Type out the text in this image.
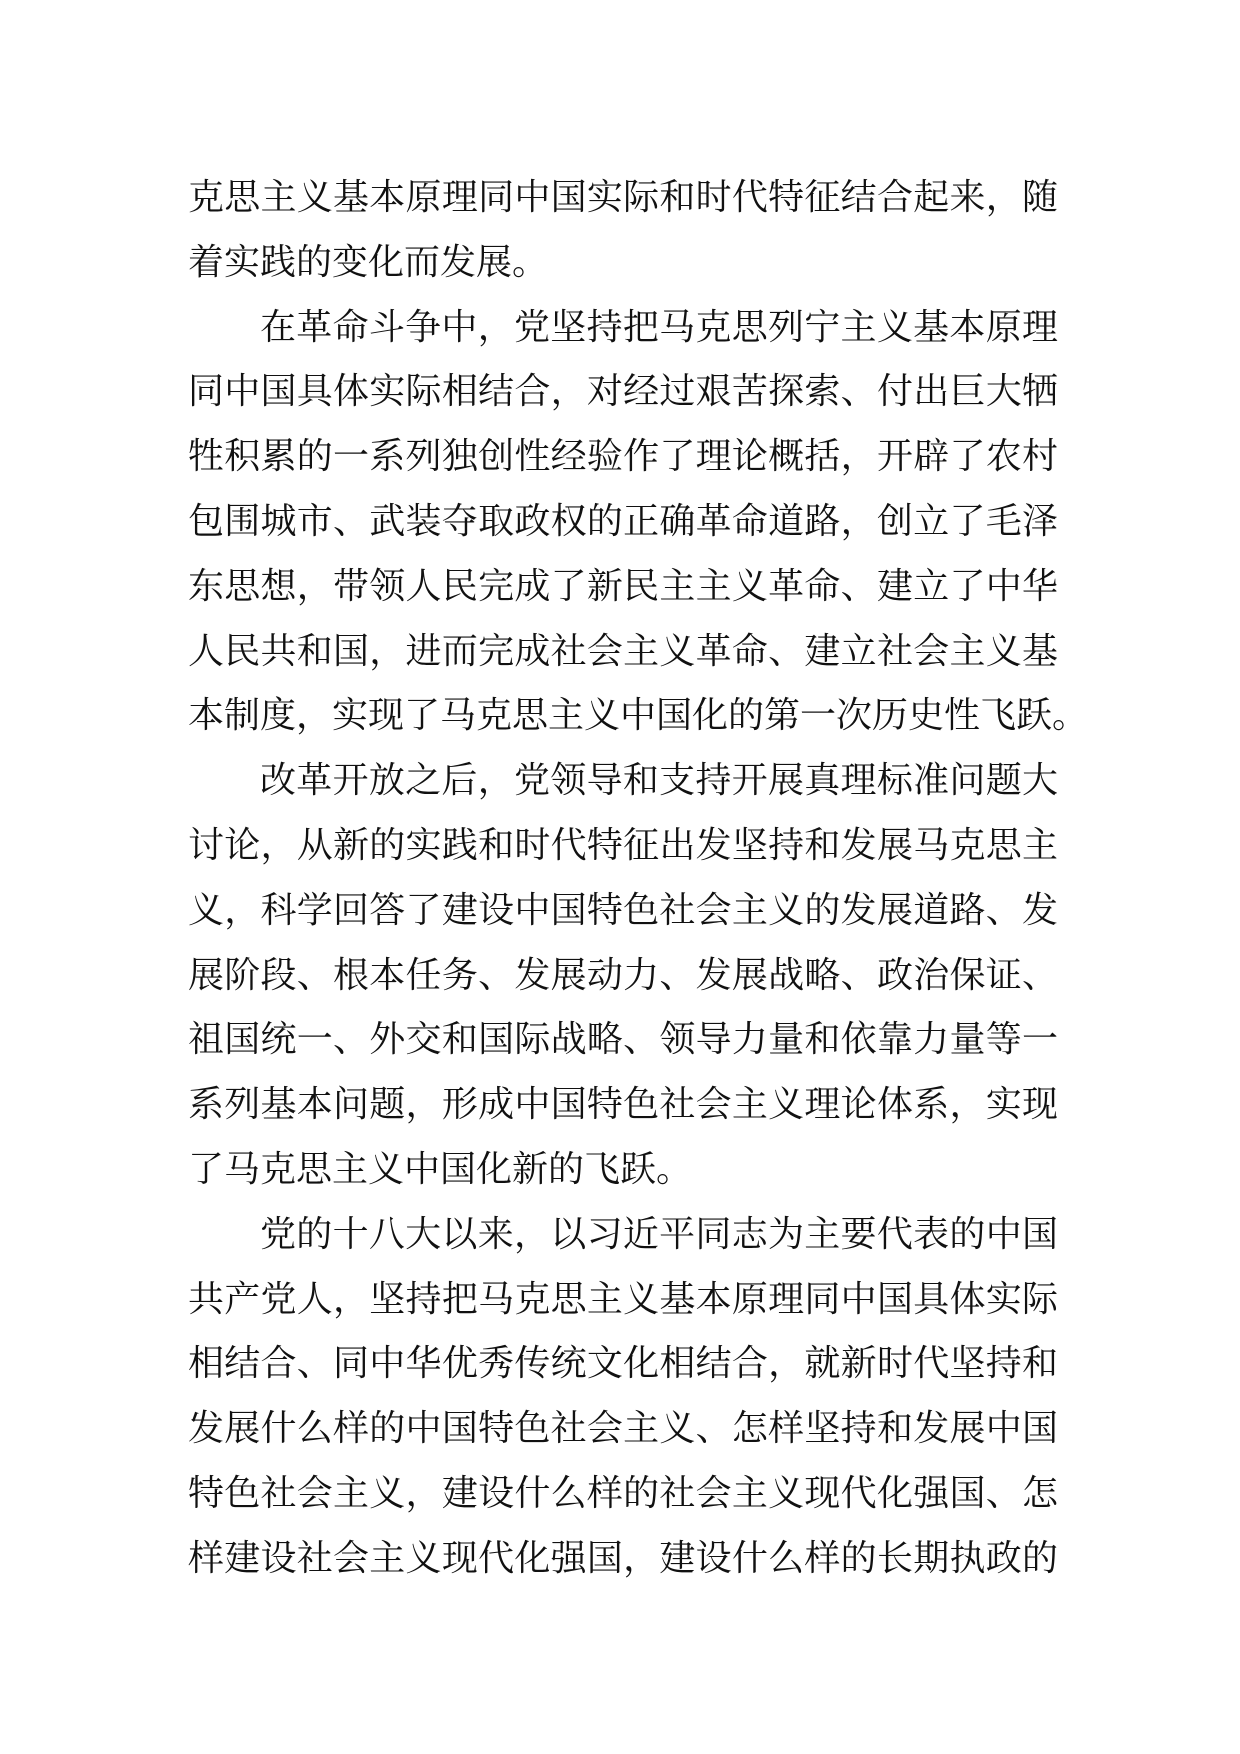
克思主义基本原理同中国实际和时代特征结合起来，随
着实践的变化而发展。
在革命斗争中，党坚持把马克思列宁主义基本原理
同中国具体实际相结合，对经过艰苦探索、付出巨大牺
牲积累的一系列独创性经验作了理论概括，开辟了农村
包围城市、武装夺取政权的正确革命道路，创立了毛泽
东思想，带领人民完成了新民主主义革命、建立了中华
人民共和国，进而完成社会主义革命、建立社会主义基
本制度，实现了马克思主义中国化的第一次历史性飞跃。
改革开放之后，党领导和支持开展真理标准问题大
讨论，从新的实践和时代特征出发坚持和发展马克思主
义，科学回答了建设中国特色社会主义的发展道路、发
展阶段、根本任务、发展动力、发展战略、政治保证、
祖国统一、外交和国际战略、领导力量和依靠力量等一
系列基本问题，形成中国特色社会主义理论体系，实现
了马克思主义中国化新的飞跃。
党的十八大以来，以习近平同志为主要代表的中国
共产党人，坚持把马克思主义基本原理同中国具体实际
相结合、同中华优秀传统文化相结合，就新时代坚持和
发展什么样的中国特色社会主义、怎样坚持和发展中国
特色社会主义，建设什么样的社会主义现代化强国、怎
样建设社会主义现代化强国，建设什么样的长期执政的
